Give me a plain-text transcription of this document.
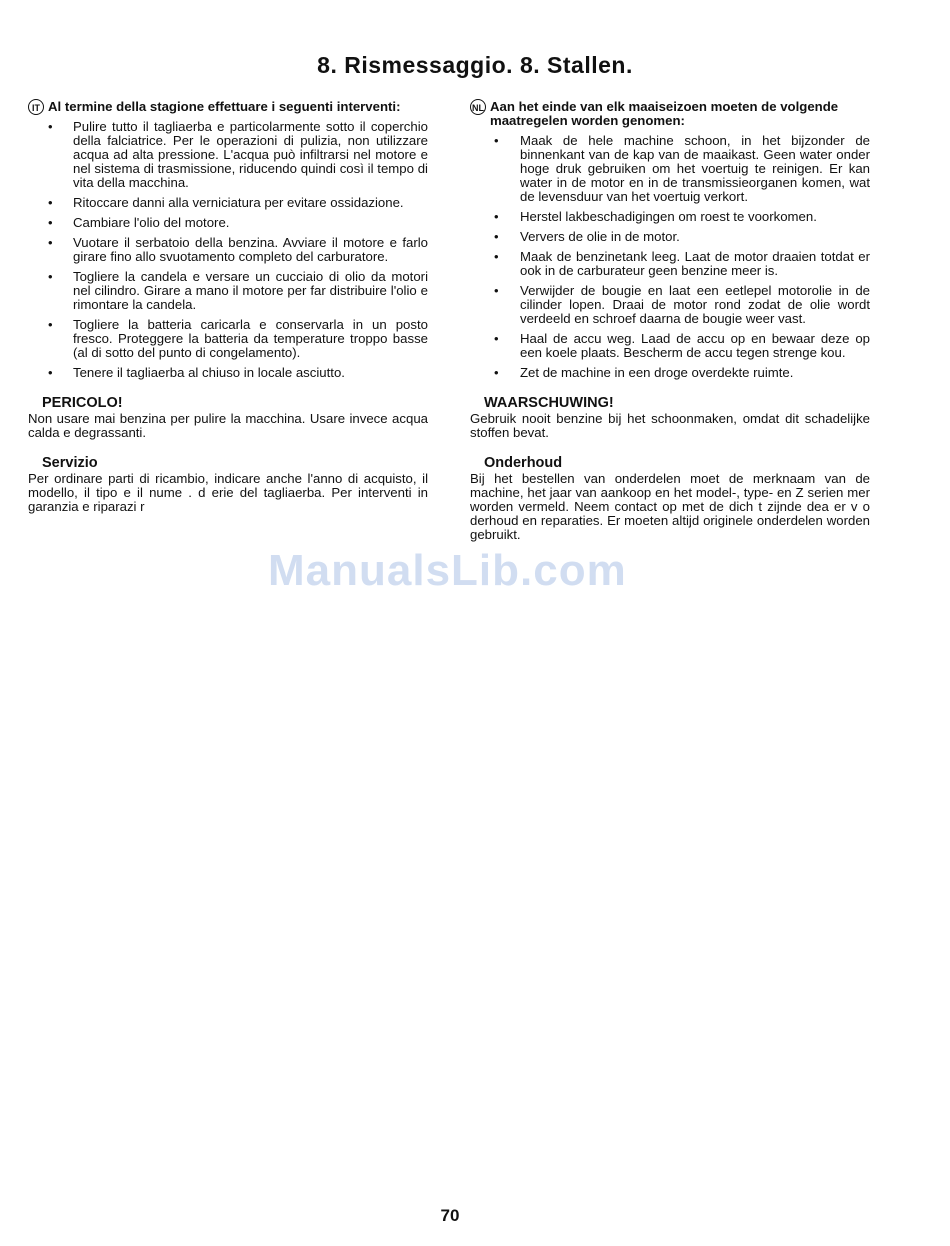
8. Rismessaggio. 8. Stallen.
IT Al termine della stagione effettuare i seguenti interventi:
• Pulire tutto il tagliaerba e particolarmente sotto il coperchio della falciatrice. Per le operazioni di pulizia, non utilizzare acqua ad alta pressione. L'acqua può infiltrarsi nel motore e nel sistema di trasmissione, riducendo quindi così il tempo di vita della macchina.
• Ritoccare danni alla verniciatura per evitare ossidazione.
• Cambiare l'olio del motore.
• Vuotare il serbatoio della benzina. Avviare il motore e farlo girare fino allo svuotamento completo del carburatore.
• Togliere la candela e versare un cucciaio di olio da motori nel cilindro. Girare a mano il motore per far distribuire l'olio e rimontare la candela.
• Togliere la batteria caricarla e conservarla in un posto fresco. Proteggere la batteria da temperature troppo basse (al di sotto del punto di congelamento).
• Tenere il tagliaerba al chiuso in locale asciutto.
PERICOLO!

Non usare mai benzina per pulire la macchina. Usare invece acqua calda e degrassanti.

Servizio

Per ordinare parti di ricambio, indicare anche l'anno di acquisto, il modello, il tipo e il nume . d erie del tagliaerba. Per interventi in garanzia e riparazi r

NL Aan het einde van elk maaiseizoen moeten de volgende maatregelen worden genomen:
• Maak de hele machine schoon, in het bijzonder de binnenkant van de kap van de maaikast. Geen water onder hoge druk gebruiken om het voertuig te reinigen. Er kan water in de motor en in de transmissieorganen komen, wat de levensduur van het voertuig verkort.
• Herstel lakbeschadigingen om roest te voorkomen.
• Ververs de olie in de motor.
• Maak de benzinetank leeg. Laat de motor draaien totdat er ook in de carburateur geen benzine meer is.
• Verwijder de bougie en laat een eetlepel motorolie in de cilinder lopen. Draai de motor rond zodat de olie wordt verdeeld en schroef daarna de bougie weer vast.
• Haal de accu weg. Laad de accu op en bewaar deze op een koele plaats. Bescherm de accu tegen strenge kou.
• Zet de machine in een droge overdekte ruimte.
WAARSCHUWING!

Gebruik nooit benzine bij het schoonmaken, omdat dit schadelijke stoffen bevat.

Onderhoud

Bij het bestellen van onderdelen moet de merknaam van de machine, het jaar van aankoop en het model-, type- en Z serien mer worden vermeld. Neem contact op met de dich t zijnde dea er v o derhoud en reparaties. Er moeten altijd originele onderdelen worden gebruikt.

ManualsLib.com
70
